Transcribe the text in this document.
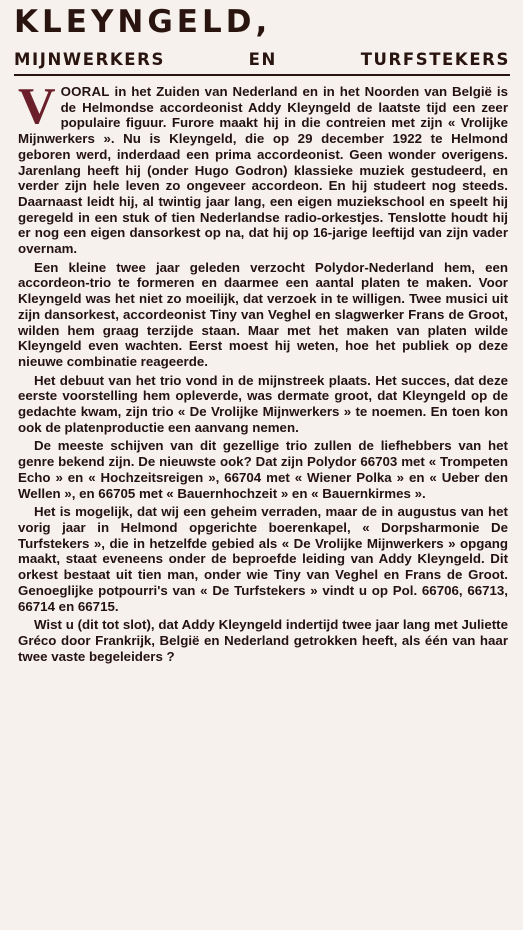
KLEYNGELD,
MIJNWERKERS	EN	TURFSTEKERS

VOORAL in het Zuiden van Nederland en in het Noorden van België is de Helmondse accordeonist Addy Kleyngeld de laatste tijd een zeer populaire figuur. Furore maakt hij in die contreien met zijn « Vrolijke Mijnwerkers ». Nu is Kleyngeld, die op 29 december 1922 te Helmond geboren werd, inderdaad een prima accordeonist. Geen wonder overigens. Jarenlang heeft hij (onder Hugo Godron) klassieke muziek gestudeerd, en verder zijn hele leven zo ongeveer accordeon. En hij studeert nog steeds. Daarnaast leidt hij, al twintig jaar lang, een eigen muziekschool en speelt hij geregeld in een stuk of tien Nederlandse radio-orkestjes. Tenslotte houdt hij er nog een eigen dansorkest op na, dat hij op 16-jarige leeftijd van zijn vader overnam.

Een kleine twee jaar geleden verzocht Polydor-Nederland hem, een accordeon-trio te formeren en daarmee een aantal platen te maken. Voor Kleyngeld was het niet zo moeilijk, dat verzoek in te willigen. Twee musici uit zijn dansorkest, accordeonist Tiny van Veghel en slagwerker Frans de Groot, wilden hem graag terzijde staan. Maar met het maken van platen wilde Kleyngeld even wachten. Eerst moest hij weten, hoe het publiek op deze nieuwe combinatie reageerde.

Het debuut van het trio vond in de mijnstreek plaats. Het succes, dat deze eerste voorstelling hem opleverde, was dermate groot, dat Kleyngeld op de gedachte kwam, zijn trio « De Vrolijke Mijnwerkers » te noemen. En toen kon ook de platenproductie een aanvang nemen.

De meeste schijven van dit gezellige trio zullen de liefhebbers van het genre bekend zijn. De nieuwste ook? Dat zijn Polydor 66703 met « Trompeten Echo » en « Hochzeitsreigen », 66704 met « Wiener Polka » en « Ueber den Wellen », en 66705 met « Bauernhochzeit » en « Bauernkirmes ».

Het is mogelijk, dat wij een geheim verraden, maar de in augustus van het vorig jaar in Helmond opgerichte boerenkapel, « Dorpsharmonie De Turfstekers », die in hetzelfde gebied als « De Vrolijke Mijnwerkers » opgang maakt, staat eveneens onder de beproefde leiding van Addy Kleyngeld. Dit orkest bestaat uit tien man, onder wie Tiny van Veghel en Frans de Groot. Genoeglijke potpourri's van « De Turfstekers » vindt u op Pol. 66706, 66713, 66714 en 66715.

Wist u (dit tot slot), dat Addy Kleyngeld indertijd twee jaar lang met Juliette Gréco door Frankrijk, België en Nederland getrokken heeft, als één van haar twee vaste begeleiders ?
